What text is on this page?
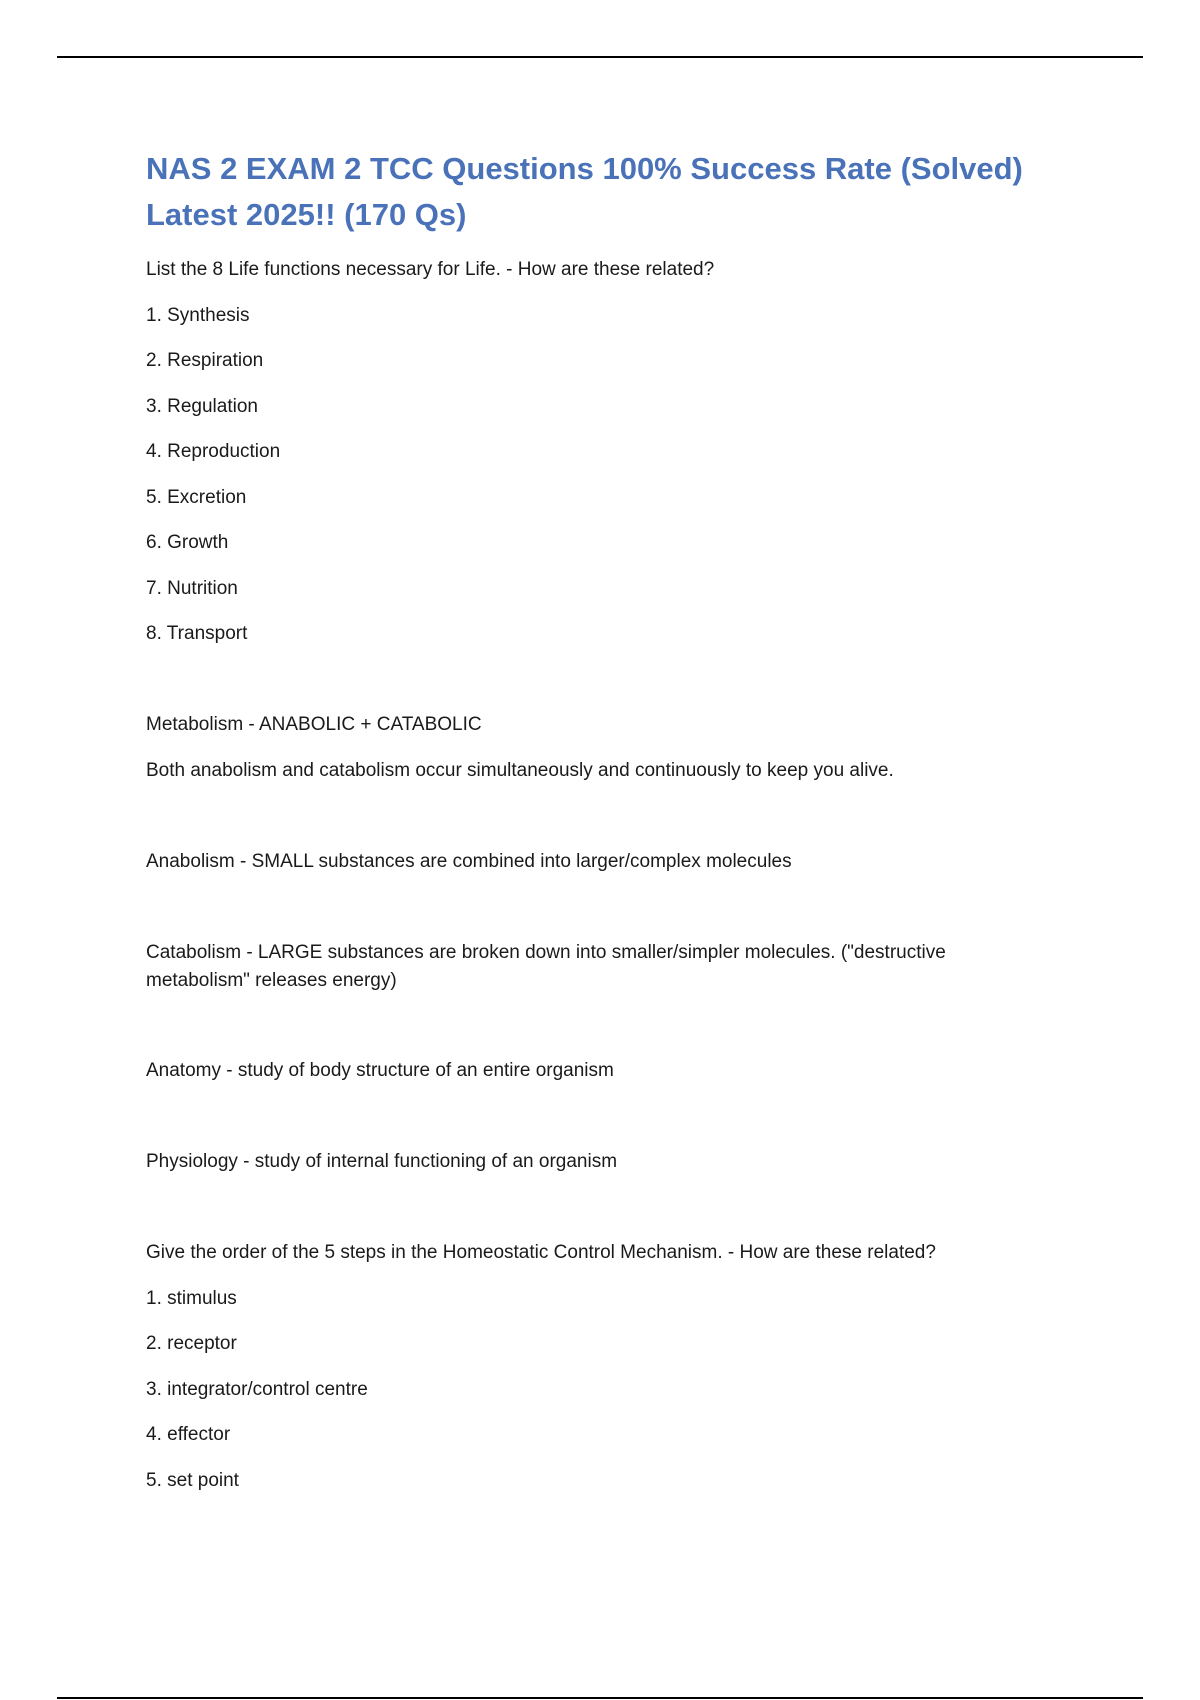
NAS 2 EXAM 2 TCC Questions 100% Success Rate (Solved)
Latest 2025!! (170 Qs)

List the 8 Life functions necessary for Life. - How are these related?

1. Synthesis

2. Respiration

3. Regulation

4. Reproduction

5. Excretion

6. Growth

7. Nutrition

8. Transport

Metabolism - ANABOLIC + CATABOLIC

Both anabolism and catabolism occur simultaneously and continuously to keep you alive.

Anabolism - SMALL substances are combined into larger/complex molecules

Catabolism - LARGE substances are broken down into smaller/simpler molecules. ("destructive

metabolism" releases energy)

Anatomy - study of body structure of an entire organism

Physiology - study of internal functioning of an organism

Give the order of the 5 steps in the Homeostatic Control Mechanism. - How are these related?

1. stimulus

2. receptor

3. integrator/control centre

4. effector

5. set point
